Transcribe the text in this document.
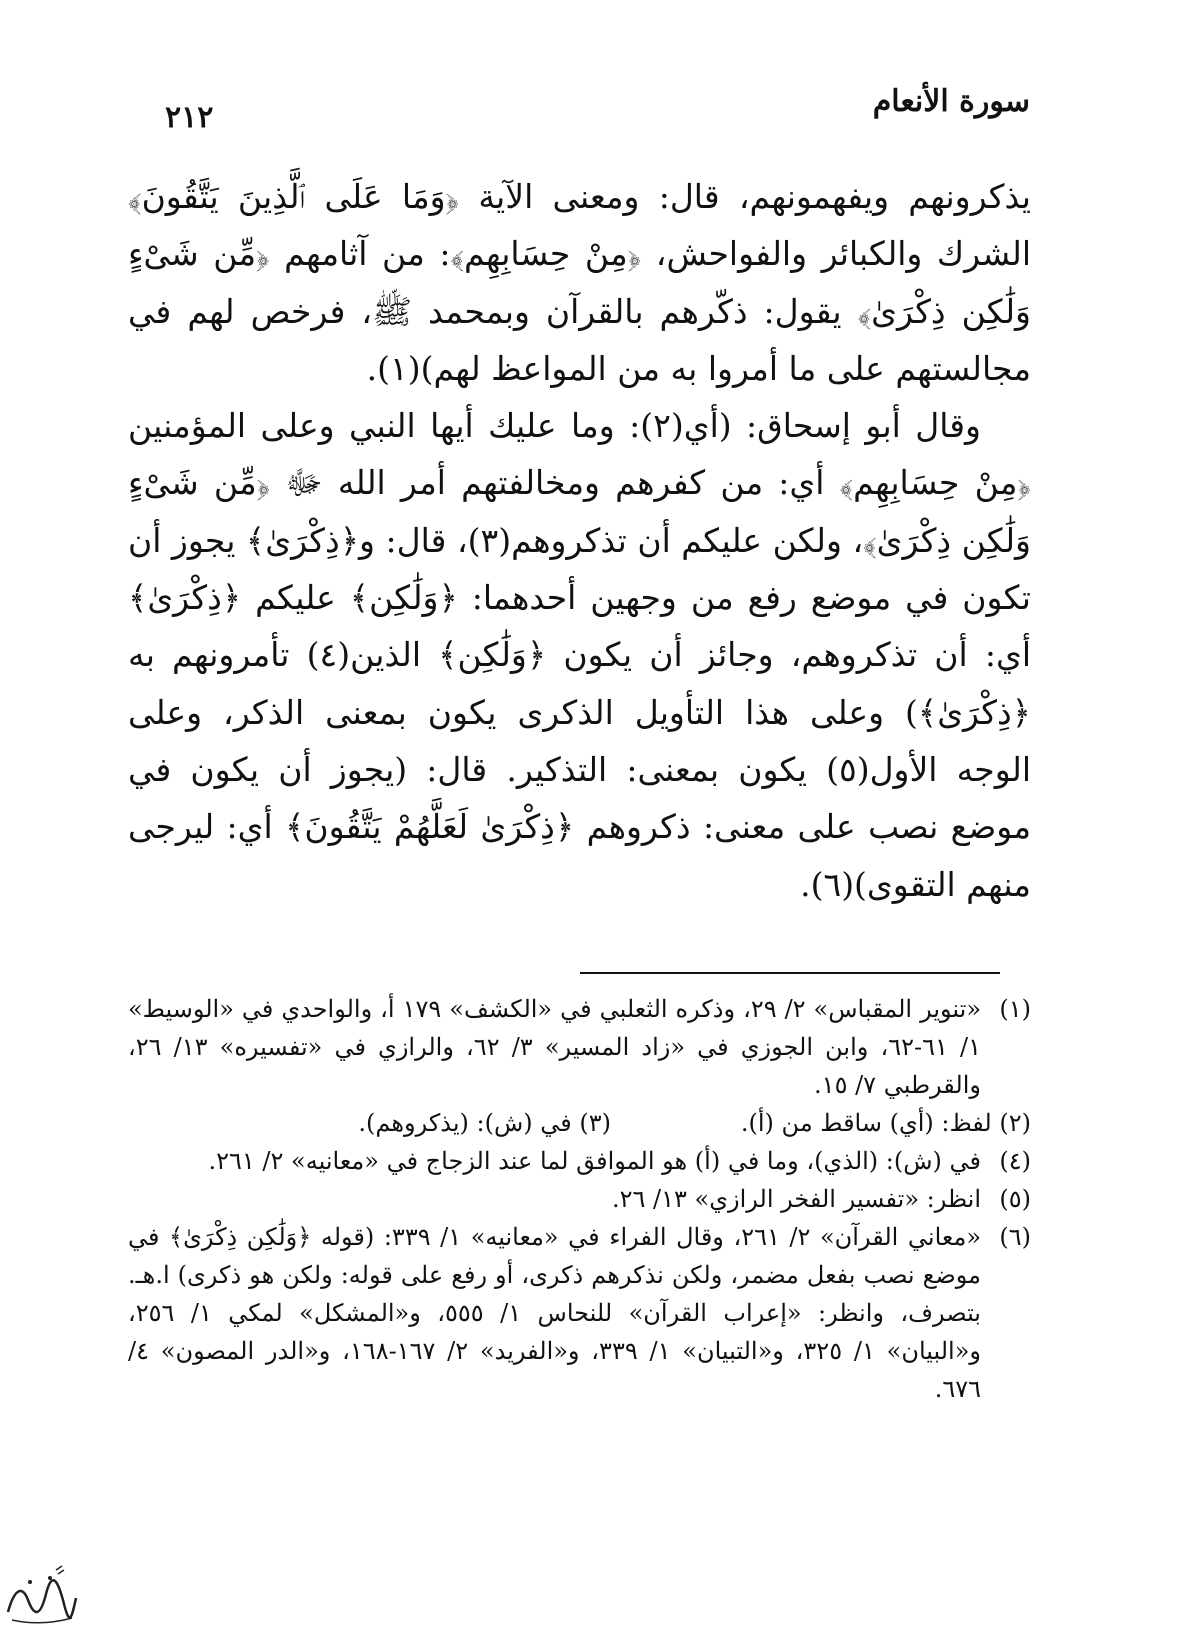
سورة الأنعام
٢١٢

يذكرونهم ويفهمونهم، قال: ومعنى الآية ﴿وَمَا عَلَى ٱلَّذِينَ يَتَّقُونَ﴾ الشرك والكبائر والفواحش، ﴿مِنْ حِسَابِهِم﴾: من آثامهم ﴿مِّن شَىْءٍ وَلَٰكِن ذِكْرَىٰ﴾ يقول: ذكّرهم بالقرآن وبمحمد ﷺ، فرخص لهم في مجالستهم على ما أمروا به من المواعظ لهم)(١).

وقال أبو إسحاق: (أي(٢): وما عليك أيها النبي وعلى المؤمنين ﴿مِنْ حِسَابِهِم﴾ أي: من كفرهم ومخالفتهم أمر الله ﷻ ﴿مِّن شَىْءٍ وَلَٰكِن ذِكْرَىٰ﴾، ولكن عليكم أن تذكروهم(٣)، قال: و﴿ذِكْرَىٰ﴾ يجوز أن تكون في موضع رفع من وجهين أحدهما: ﴿وَلَٰكِن﴾ عليكم ﴿ذِكْرَىٰ﴾ أي: أن تذكروهم، وجائز أن يكون ﴿وَلَٰكِن﴾ الذين(٤) تأمرونهم به ﴿ذِكْرَىٰ﴾) وعلى هذا التأويل الذكرى يكون بمعنى الذكر، وعلى الوجه الأول(٥) يكون بمعنى: التذكير. قال: (يجوز أن يكون في موضع نصب على معنى: ذكروهم ﴿ذِكْرَىٰ لَعَلَّهُمْ يَتَّقُونَ﴾ أي: ليرجى منهم التقوى)(٦).

(١)
«تنوير المقباس» ٢/ ٢٩، وذكره الثعلبي في «الكشف» ١٧٩ أ، والواحدي في «الوسيط» ١/ ٦١-٦٢، وابن الجوزي في «زاد المسير» ٣/ ٦٢، والرازي في «تفسيره» ١٣/ ٢٦، والقرطبي ٧/ ١٥.
(٢) لفظ: (أي) ساقط من (أ).
(٣) في (ش): (يذكروهم).
(٤)
في (ش): (الذي)، وما في (أ) هو الموافق لما عند الزجاج في «معانيه» ٢/ ٢٦١.
(٥)
انظر: «تفسير الفخر الرازي» ١٣/ ٢٦.
(٦)
«معاني القرآن» ٢/ ٢٦١، وقال الفراء في «معانيه» ١/ ٣٣٩: (قوله ﴿وَلَٰكِن ذِكْرَىٰ﴾ في موضع نصب بفعل مضمر، ولكن نذكرهم ذكرى، أو رفع على قوله: ولكن هو ذكرى) ا.هـ. بتصرف، وانظر: «إعراب القرآن» للنحاس ١/ ٥٥٥، و«المشكل» لمكي ١/ ٢٥٦، و«البيان» ١/ ٣٢٥، و«التبيان» ١/ ٣٣٩، و«الفريد» ٢/ ١٦٧-١٦٨، و«الدر المصون» ٤/ ٦٧٦.
